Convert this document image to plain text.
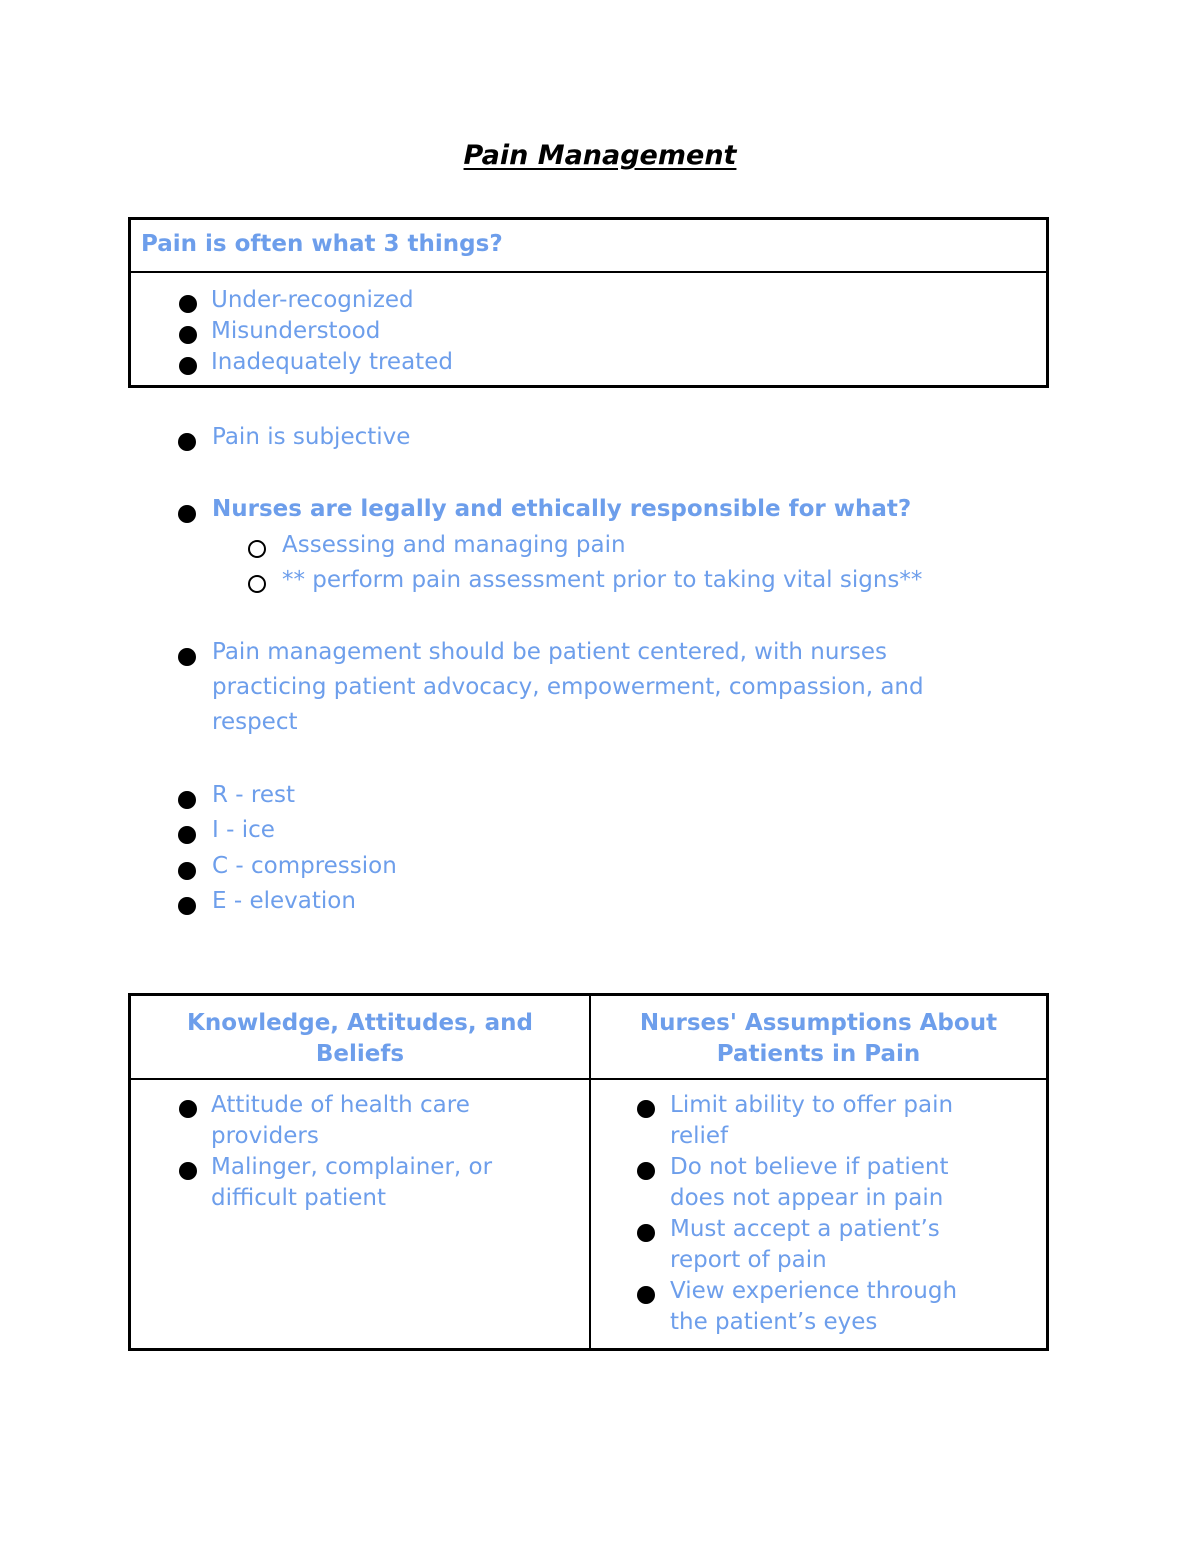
Pain Management
Pain is often what 3 things?
Under-recognized
Misunderstood
Inadequately treated
Pain is subjective
Nurses are legally and ethically responsible for what?
Assessing and managing pain
** perform pain assessment prior to taking vital signs**
Pain management should be patient centered, with nurses
practicing patient advocacy, empowerment, compassion, and
respect
R - rest
I - ice
C - compression
E - elevation
Knowledge, Attitudes, and
Beliefs
Nurses' Assumptions About
Patients in Pain
Attitude of health care
providers
Malinger, complainer, or
difficult patient
Limit ability to offer pain
relief
Do not believe if patient
does not appear in pain
Must accept a patient’s
report of pain
View experience through
the patient’s eyes
